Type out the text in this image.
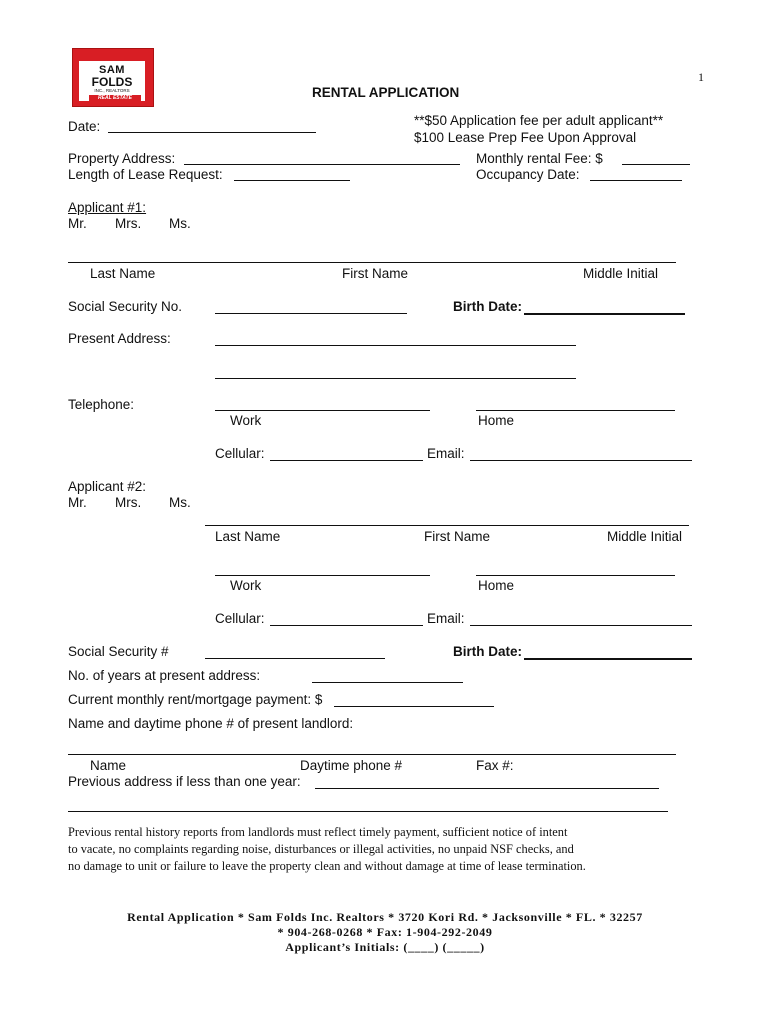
SAM
FOLDS
INC., REALTORS
REAL ESTATE
1
RENTAL APPLICATION
**$50 Application fee per adult applicant**
$100 Lease Prep Fee Upon Approval
Date:
Property Address:	Monthly rental Fee: $
Length of Lease Request:	Occupancy Date:
Applicant #1:
Mr. Mrs. Ms.
Last Name	First Name	Middle Initial
Social Security No.	Birth Date:
Present Address:
Telephone:
Work	Home
Cellular:	Email:
Applicant #2:
Mr. Mrs. Ms.
Last Name	First Name	Middle Initial
Work	Home
Cellular:	Email:
Social Security #	Birth Date:
No. of years at present address:
Current monthly rent/mortgage payment: $
Name and daytime phone # of present landlord:
Name	Daytime phone #	Fax #:
Previous address if less than one year:
Previous rental history reports from landlords must reflect timely payment, sufficient notice of intent
to vacate, no complaints regarding noise, disturbances or illegal activities, no unpaid NSF checks, and
no damage to unit or failure to leave the property clean and without damage at time of lease termination.
Rental Application * Sam Folds Inc. Realtors * 3720 Kori Rd. * Jacksonville * FL. * 32257
* 904-268-0268 * Fax: 1-904-292-2049
Applicant’s Initials: (____) (_____)
